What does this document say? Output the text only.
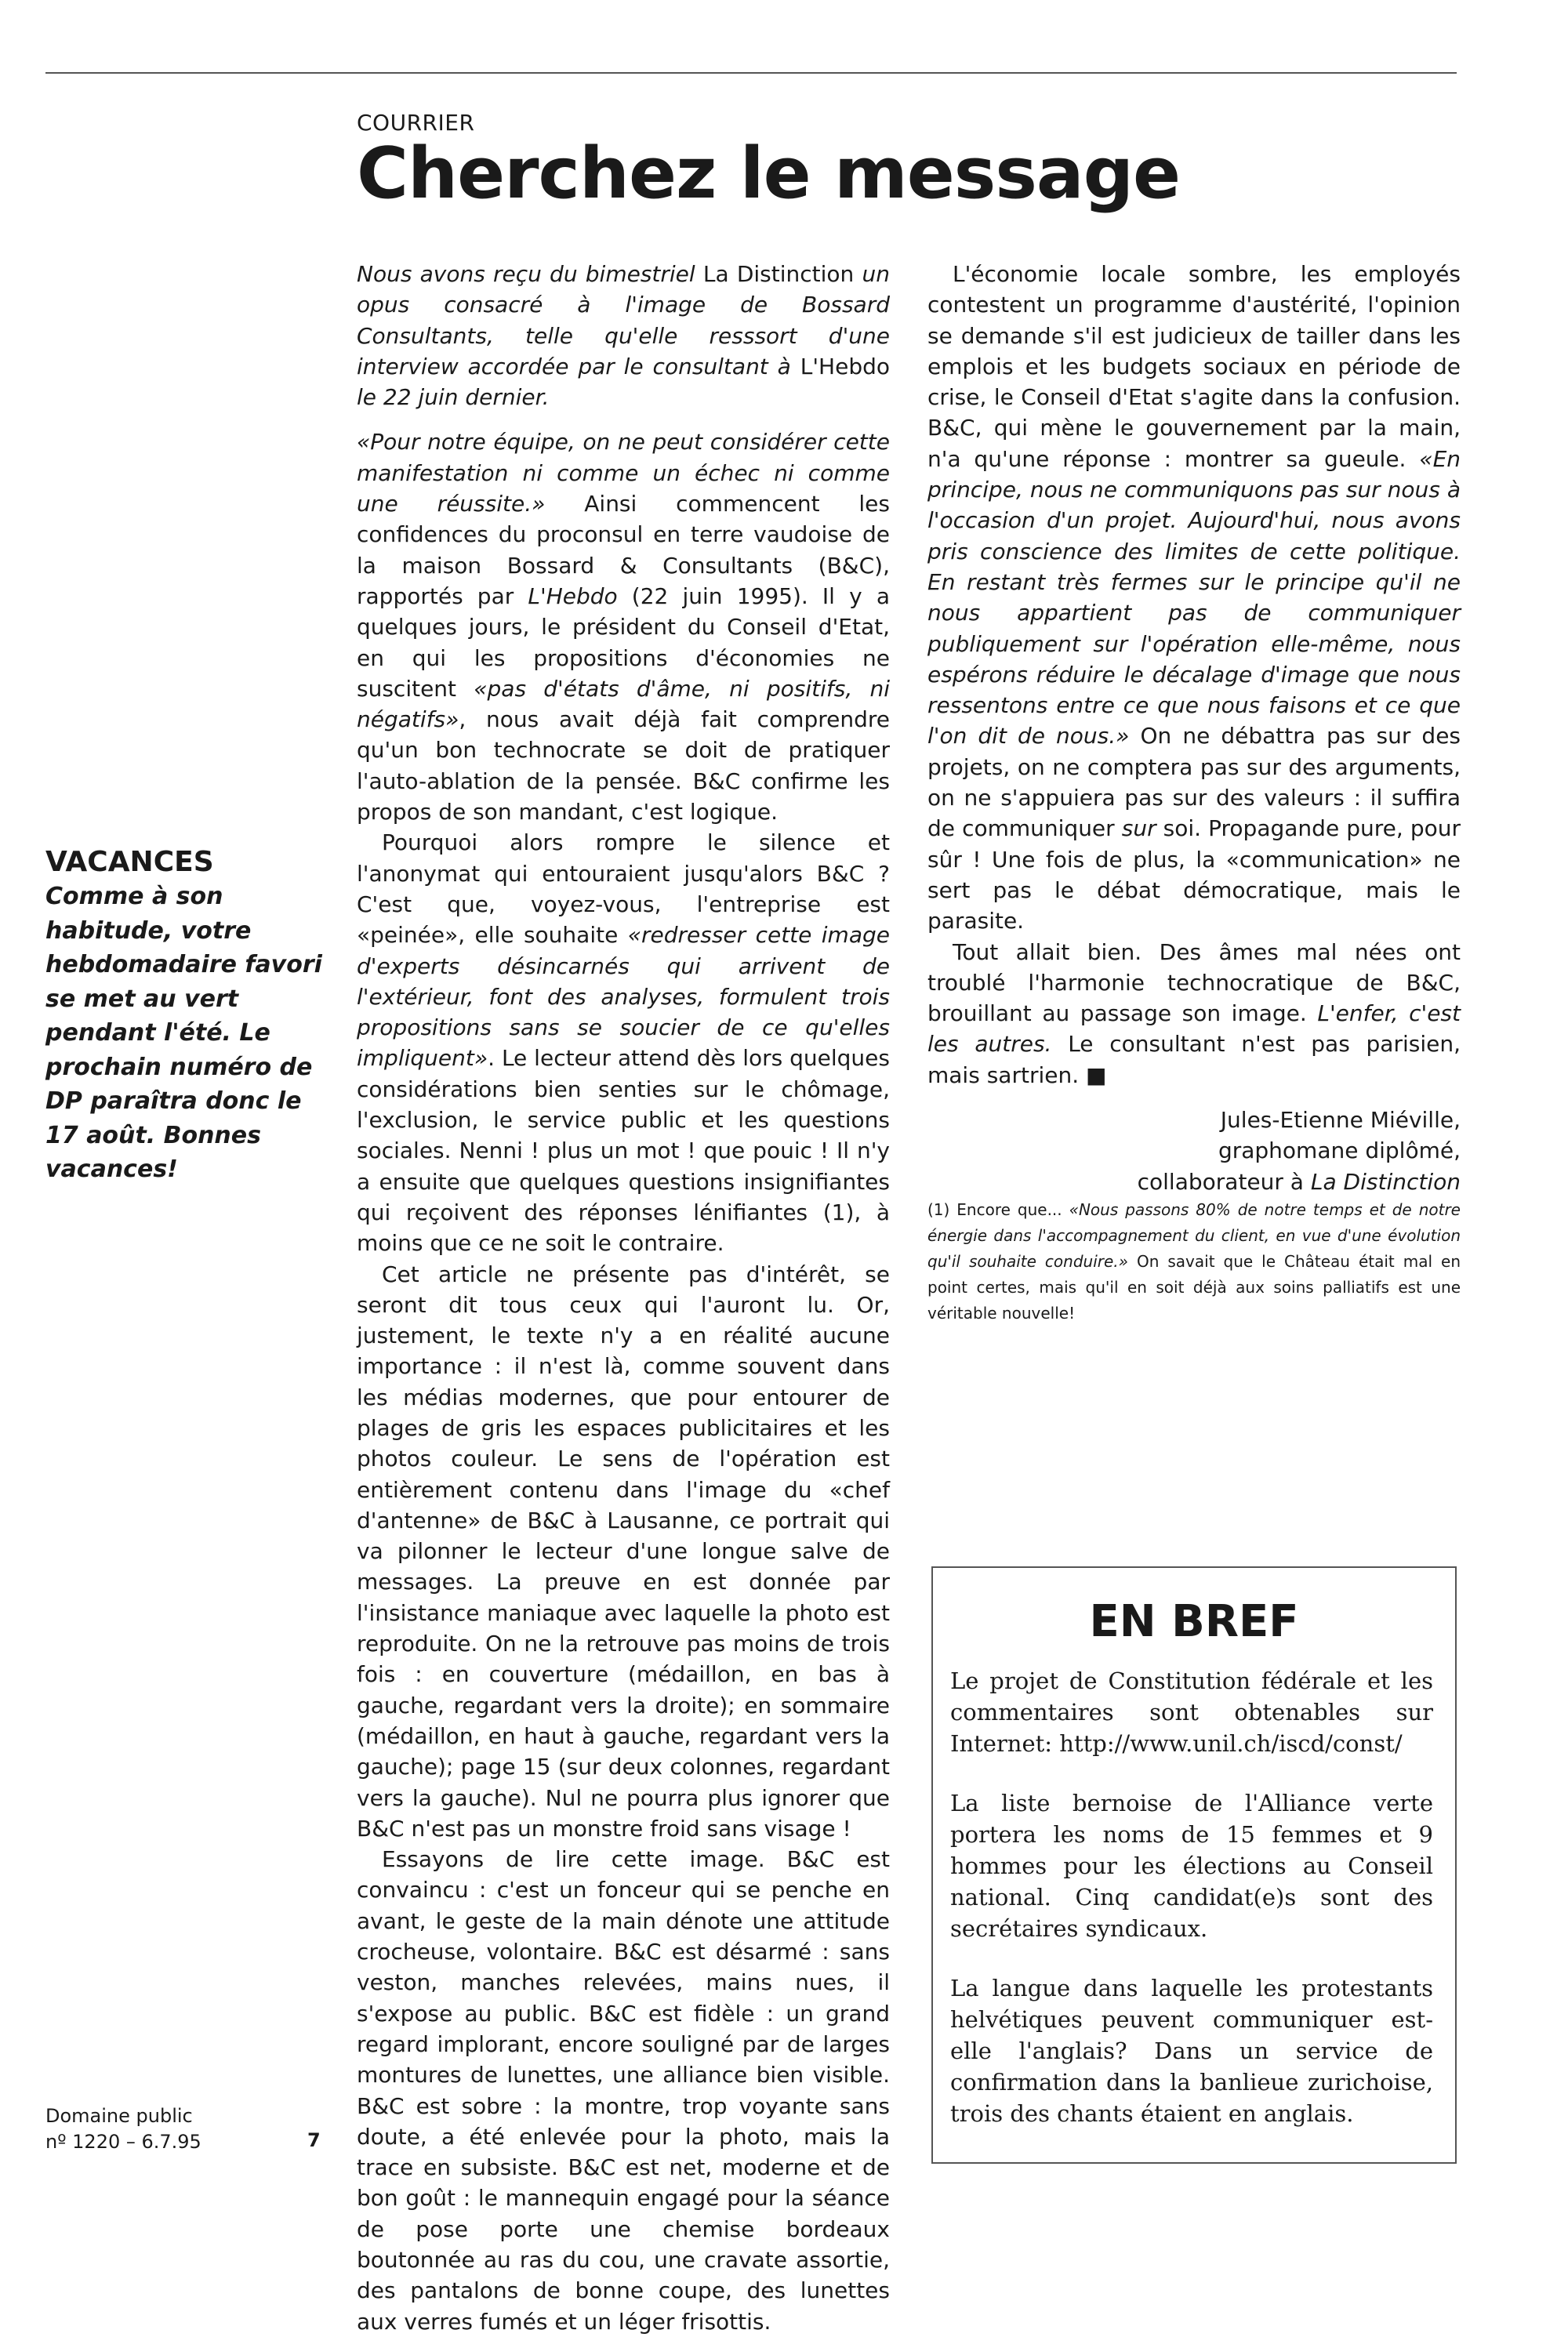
COURRIER
Cherchez le message

Nous avons reçu du bimestriel La Distinction un opus consacré à l'image de Bossard Consultants, telle qu'elle resssort d'une interview accordée par le consultant à L'Hebdo le 22 juin dernier.

«Pour notre équipe, on ne peut considérer cette manifestation ni comme un échec ni comme une réussite.» Ainsi commencent les confidences du proconsul en terre vaudoise de la maison Bossard & Consultants (B&C), rapportés par L'Hebdo (22 juin 1995). Il y a quelques jours, le président du Conseil d'Etat, en qui les propositions d'économies ne suscitent «pas d'états d'âme, ni positifs, ni négatifs», nous avait déjà fait comprendre qu'un bon technocrate se doit de pratiquer l'auto-ablation de la pensée. B&C confirme les propos de son mandant, c'est logique.

Pourquoi alors rompre le silence et l'anonymat qui entouraient jusqu'alors B&C ? C'est que, voyez-vous, l'entreprise est «peinée», elle souhaite «redresser cette image d'experts désincarnés qui arrivent de l'extérieur, font des analyses, formulent trois propositions sans se soucier de ce qu'elles impliquent». Le lecteur attend dès lors quelques considérations bien senties sur le chômage, l'exclusion, le service public et les questions sociales. Nenni ! plus un mot ! que pouic ! Il n'y a ensuite que quelques questions insignifiantes qui reçoivent des réponses lénifiantes (1), à moins que ce ne soit le contraire.

Cet article ne présente pas d'intérêt, se seront dit tous ceux qui l'auront lu. Or, justement, le texte n'y a en réalité aucune importance : il n'est là, comme souvent dans les médias modernes, que pour entourer de plages de gris les espaces publicitaires et les photos couleur. Le sens de l'opération est entièrement contenu dans l'image du «chef d'antenne» de B&C à Lausanne, ce portrait qui va pilonner le lecteur d'une longue salve de messages. La preuve en est donnée par l'insistance maniaque avec laquelle la photo est reproduite. On ne la retrouve pas moins de trois fois : en couverture (médaillon, en bas à gauche, regardant vers la droite); en sommaire (médaillon, en haut à gauche, regardant vers la gauche); page 15 (sur deux colonnes, regardant vers la gauche). Nul ne pourra plus ignorer que B&C n'est pas un monstre froid sans visage !

Essayons de lire cette image. B&C est convaincu : c'est un fonceur qui se penche en avant, le geste de la main dénote une attitude crocheuse, volontaire. B&C est désarmé : sans veston, manches relevées, mains nues, il s'expose au public. B&C est fidèle : un grand regard implorant, encore souligné par de larges montures de lunettes, une alliance bien visible. B&C est sobre : la montre, trop voyante sans doute, a été enlevée pour la photo, mais la trace en subsiste. B&C est net, moderne et de bon goût : le mannequin engagé pour la séance de pose porte une chemise bordeaux boutonnée au ras du cou, une cravate assortie, des pantalons de bonne coupe, des lunettes aux verres fumés et un léger frisottis.

L'économie locale sombre, les employés contestent un programme d'austérité, l'opinion se demande s'il est judicieux de tailler dans les emplois et les budgets sociaux en période de crise, le Conseil d'Etat s'agite dans la confusion. B&C, qui mène le gouvernement par la main, n'a qu'une réponse : montrer sa gueule. «En principe, nous ne communiquons pas sur nous à l'occasion d'un projet. Aujourd'hui, nous avons pris conscience des limites de cette politique. En restant très fermes sur le principe qu'il ne nous appartient pas de communiquer publiquement sur l'opération elle-même, nous espérons réduire le décalage d'image que nous ressentons entre ce que nous faisons et ce que l'on dit de nous.» On ne débattra pas sur des projets, on ne comptera pas sur des arguments, on ne s'appuiera pas sur des valeurs : il suffira de communiquer sur soi. Propagande pure, pour sûr ! Une fois de plus, la «communication» ne sert pas le débat démocratique, mais le parasite.

Tout allait bien. Des âmes mal nées ont troublé l'harmonie technocratique de B&C, brouillant au passage son image. L'enfer, c'est les autres. Le consultant n'est pas parisien, mais sartrien. ■

Jules-Etienne Miéville,
graphomane diplômé,
collaborateur à La Distinction

(1) Encore que... «Nous passons 80% de notre temps et de notre énergie dans l'accompagnement du client, en vue d'une évolution qu'il souhaite conduire.» On savait que le Château était mal en point certes, mais qu'il en soit déjà aux soins palliatifs est une véritable nouvelle!

VACANCES
Comme à son habitude, votre hebdomadaire favori se met au vert pendant l'été. Le prochain numéro de DP paraîtra donc le 17 août. Bonnes vacances!
Domaine public
nº 1220 – 6.7.95	7
EN BREF

Le projet de Constitution fédérale et les commentaires sont obtenables sur Internet: http://www.unil.ch/iscd/const/

La liste bernoise de l'Alliance verte portera les noms de 15 femmes et 9 hommes pour les élections au Conseil national. Cinq candidat(e)s sont des secrétaires syndicaux.

La langue dans laquelle les protestants helvétiques peuvent communiquer est-elle l'anglais? Dans un service de confirmation dans la banlieue zurichoise, trois des chants étaient en anglais.
